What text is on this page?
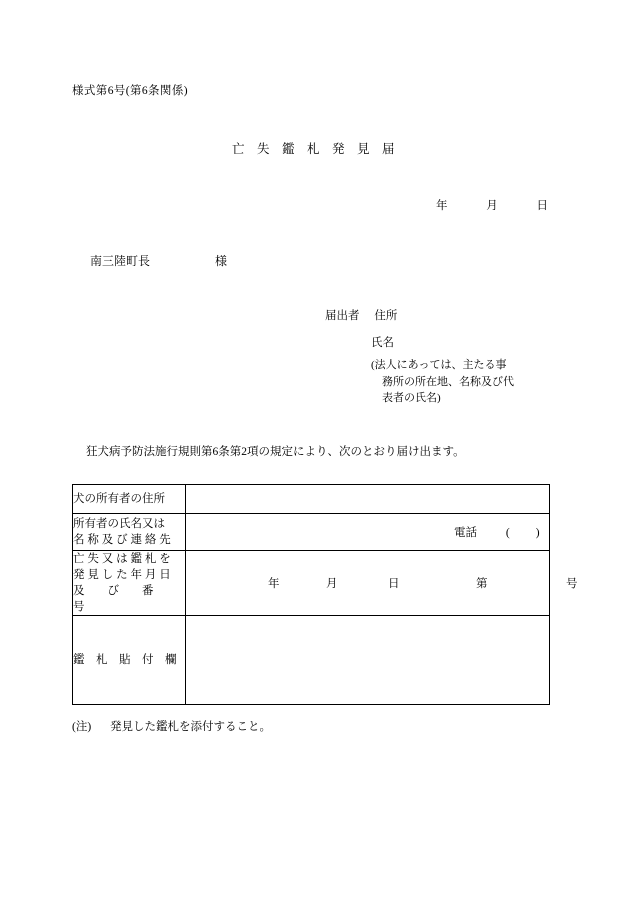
様式第6号(第6条関係)
亡　失　鑑　札　発　見　届
年	月	日
南三陸町長	様
届出者 住所
氏名
(法人にあっては、主たる事
務所の所在地、名称及び代
表者の氏名)
狂犬病予防法施行規則第6条第2項の規定により、次のとおり届け出ます。
犬の所有者の住所	

所有者の氏名又は
名 称 及 び 連 絡 先	電話 ( )

亡 失 又 は 鑑 札 を
発 見 し た 年 月 日
及　　び　　番　　号

年	月	日	第	号

鑑　札　貼　付　欄	
(注) 発見した鑑札を添付すること。
